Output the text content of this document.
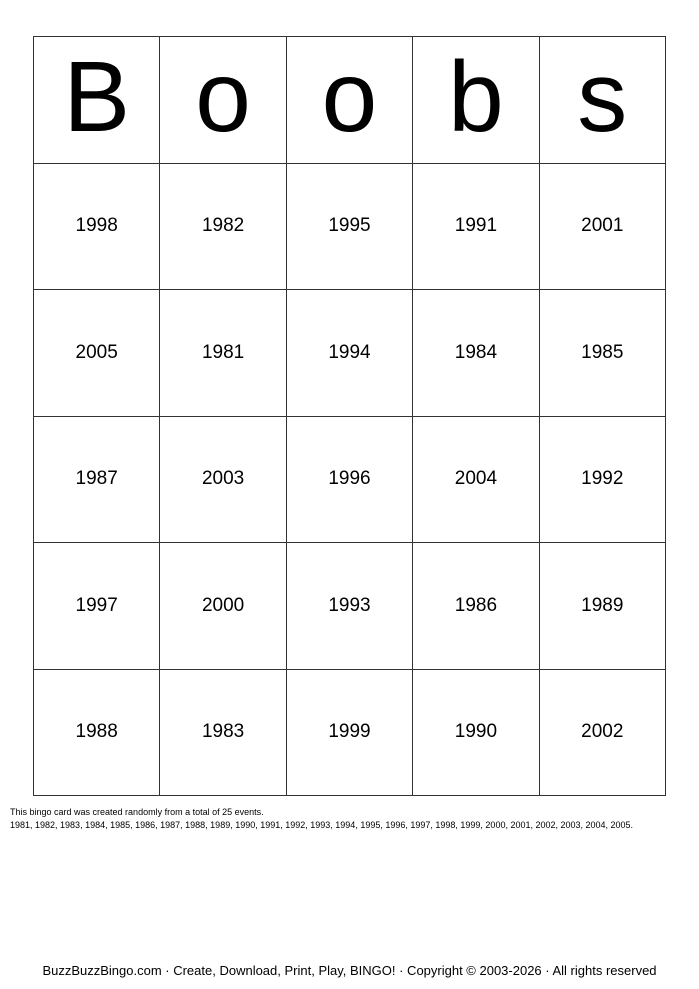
B o o b s
1998	1982	1995	1991	2001
2005	1981	1994	1984	1985
1987	2003	1996	2004	1992
1997	2000	1993	1986	1989
1988	1983	1999	1990	2002
This bingo card was created randomly from a total of 25 events.
1981, 1982, 1983, 1984, 1985, 1986, 1987, 1988, 1989, 1990, 1991, 1992, 1993, 1994, 1995, 1996, 1997, 1998, 1999, 2000, 2001, 2002, 2003, 2004, 2005.
BuzzBuzzBingo.com · Create, Download, Print, Play, BINGO! · Copyright © 2003-2026 · All rights reserved
